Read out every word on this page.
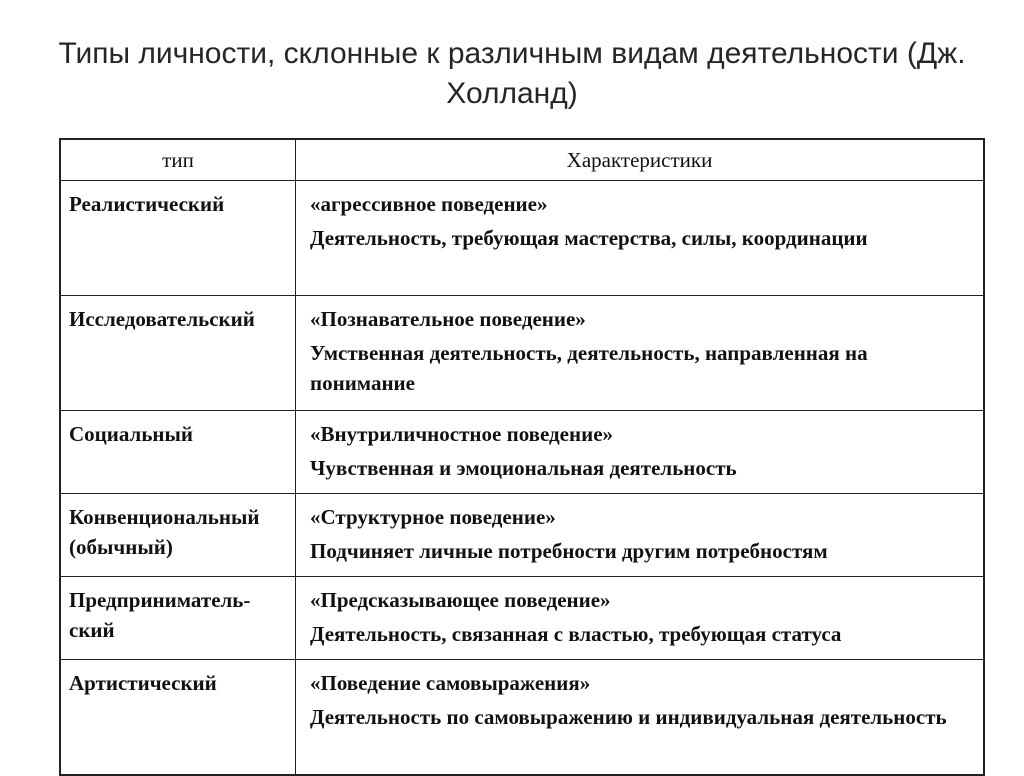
Типы личности, склонные к различным видам деятельности (Дж. Холланд)
тип	Характеристики
Реалистический	«агрессивное поведение»
Деятельность, требующая мастерства, силы, координации

Исследовательский	«Познавательное поведение»
Умственная деятельность, деятельность, направленная на понимание

Социальный	«Внутриличностное поведение»
Чувственная и эмоциональная деятельность

Конвенциональный (обычный)	«Структурное поведение»
Подчиняет личные потребности другим потребностям

Предприниматель-ский	«Предсказывающее поведение»
Деятельность, связанная с властью, требующая статуса

Артистический	«Поведение самовыражения»
Деятельность по самовыражению и индивидуальная деятельность
